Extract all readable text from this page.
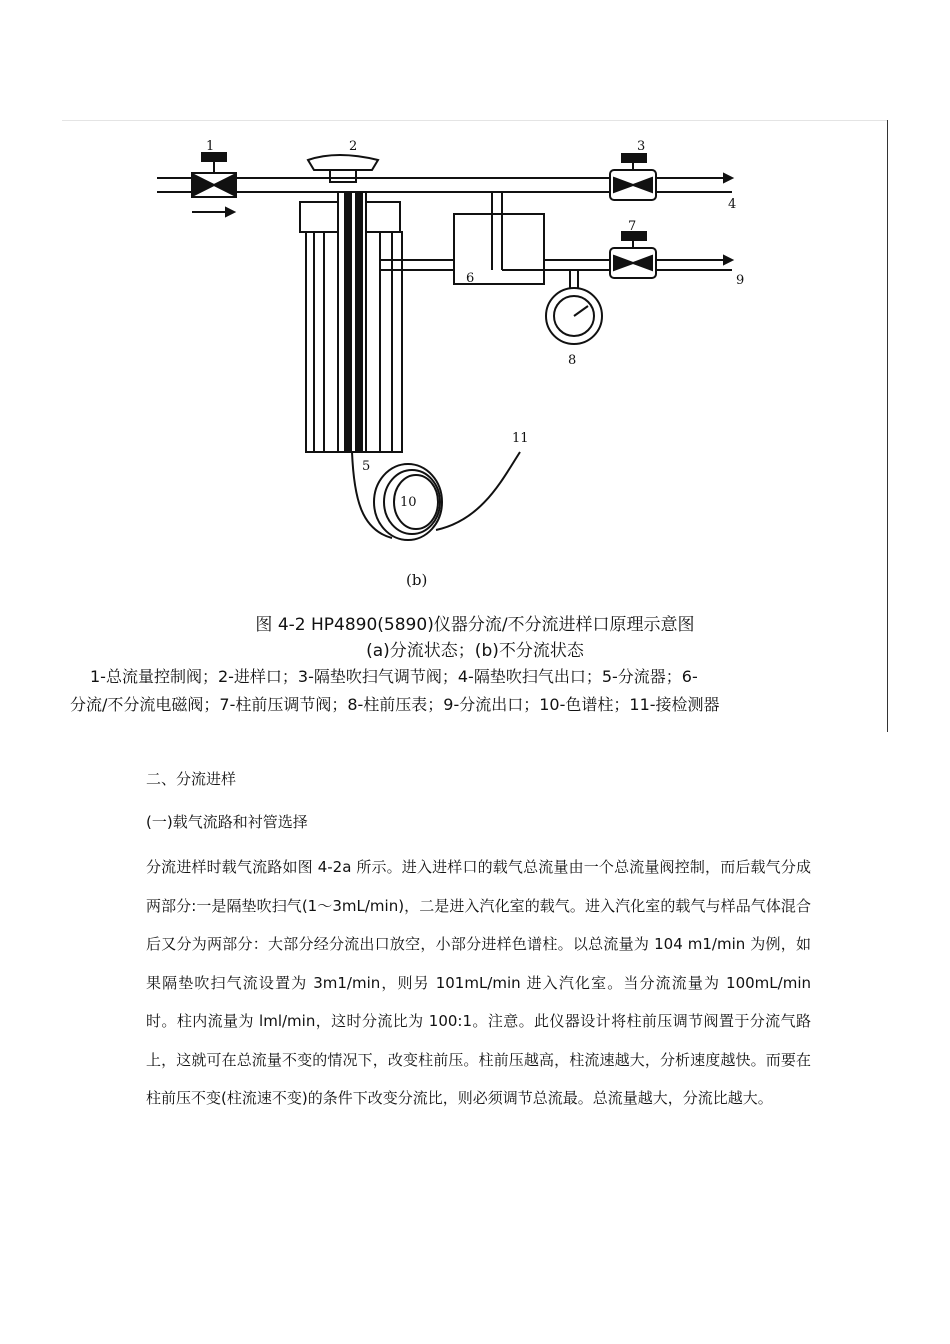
1	2	3
4
5
6
7
8
9
10
11
(b)
图 4-2 HP4890(5890)仪器分流/不分流进样口原理示意图
(a)分流状态；(b)不分流状态
1-总流量控制阀；2-进样口；3-隔垫吹扫气调节阀；4-隔垫吹扫气出口；5-分流器；6-
分流/不分流电磁阀；7-柱前压调节阀；8-柱前压表；9-分流出口；10-色谱柱；11-接检测器
二、分流进样
(一)载气流路和衬管选择
分流进样时载气流路如图 4-2a 所示。进入进样口的载气总流量由一个总流量阀控制，而后载气分成两部分:一是隔垫吹扫气(1～3mL/min)，二是进入汽化室的载气。进入汽化室的载气与样品气体混合后又分为两部分：大部分经分流出口放空，小部分进样色谱柱。以总流量为 104 m1/min 为例，如果隔垫吹扫气流设置为 3m1/min，则另 101mL/min 进入汽化室。当分流流量为 100mL/min 时。柱内流量为 lml/min，这时分流比为 100:1。注意。此仪器设计将柱前压调节阀置于分流气路上，这就可在总流量不变的情况下，改变柱前压。柱前压越高，柱流速越大，分析速度越快。而要在柱前压不变(柱流速不变)的条件下改变分流比，则必须调节总流最。总流量越大，分流比越大。
